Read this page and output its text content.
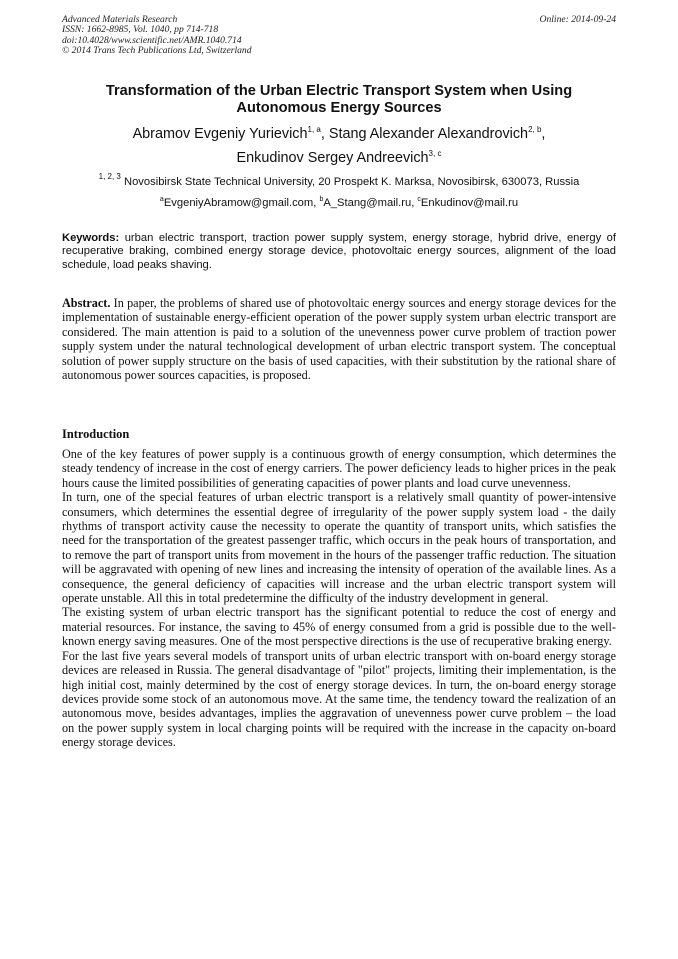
Advanced Materials Research
ISSN: 1662-8985, Vol. 1040, pp 714-718
doi:10.4028/www.scientific.net/AMR.1040.714
© 2014 Trans Tech Publications Ltd, Switzerland
Online: 2014-09-24
Transformation of the Urban Electric Transport System when Using Autonomous Energy Sources
Abramov Evgeniy Yurievich$^{1, a}$, Stang Alexander Alexandrovich$^{2, b}$,
Enkudinov Sergey Andreevich$^{3, c}$
$^{1, 2, 3}$ Novosibirsk State Technical University, 20 Prospekt K. Marksa, Novosibirsk, 630073, Russia
$^a$EvgeniyAbramow@gmail.com, $^b$A_Stang@mail.ru, $^c$Enkudinov@mail.ru
Keywords: urban electric transport, traction power supply system, energy storage, hybrid drive, energy of recuperative braking, combined energy storage device, photovoltaic energy sources, alignment of the load schedule, load peaks shaving.
Abstract. In paper, the problems of shared use of photovoltaic energy sources and energy storage devices for the implementation of sustainable energy-efficient operation of the power supply system urban electric transport are considered. The main attention is paid to a solution of the unevenness power curve problem of traction power supply system under the natural technological development of urban electric transport system. The conceptual solution of power supply structure on the basis of used capacities, with their substitution by the rational share of autonomous power sources capacities, is proposed.
Introduction

One of the key features of power supply is a continuous growth of energy consumption, which determines the steady tendency of increase in the cost of energy carriers. The power deficiency leads to higher prices in the peak hours cause the limited possibilities of generating capacities of power plants and load curve unevenness.

In turn, one of the special features of urban electric transport is a relatively small quantity of power-intensive consumers, which determines the essential degree of irregularity of the power supply system load - the daily rhythms of transport activity cause the necessity to operate the quantity of transport units, which satisfies the need for the transportation of the greatest passenger traffic, which occurs in the peak hours of transportation, and to remove the part of transport units from movement in the hours of the passenger traffic reduction. The situation will be aggravated with opening of new lines and increasing the intensity of operation of the available lines. As a consequence, the general deficiency of capacities will increase and the urban electric transport system will operate unstable. All this in total predetermine the difficulty of the industry development in general.

The existing system of urban electric transport has the significant potential to reduce the cost of energy and material resources. For instance, the saving to 45% of energy consumed from a grid is possible due to the well-known energy saving measures. One of the most perspective directions is the use of recuperative braking energy.

For the last five years several models of transport units of urban electric transport with on-board energy storage devices are released in Russia. The general disadvantage of "pilot" projects, limiting their implementation, is the high initial cost, mainly determined by the cost of energy storage devices. In turn, the on-board energy storage devices provide some stock of an autonomous move. At the same time, the tendency toward the realization of an autonomous move, besides advantages, implies the aggravation of unevenness power curve problem – the load on the power supply system in local charging points will be required with the increase in the capacity on-board energy storage devices.
